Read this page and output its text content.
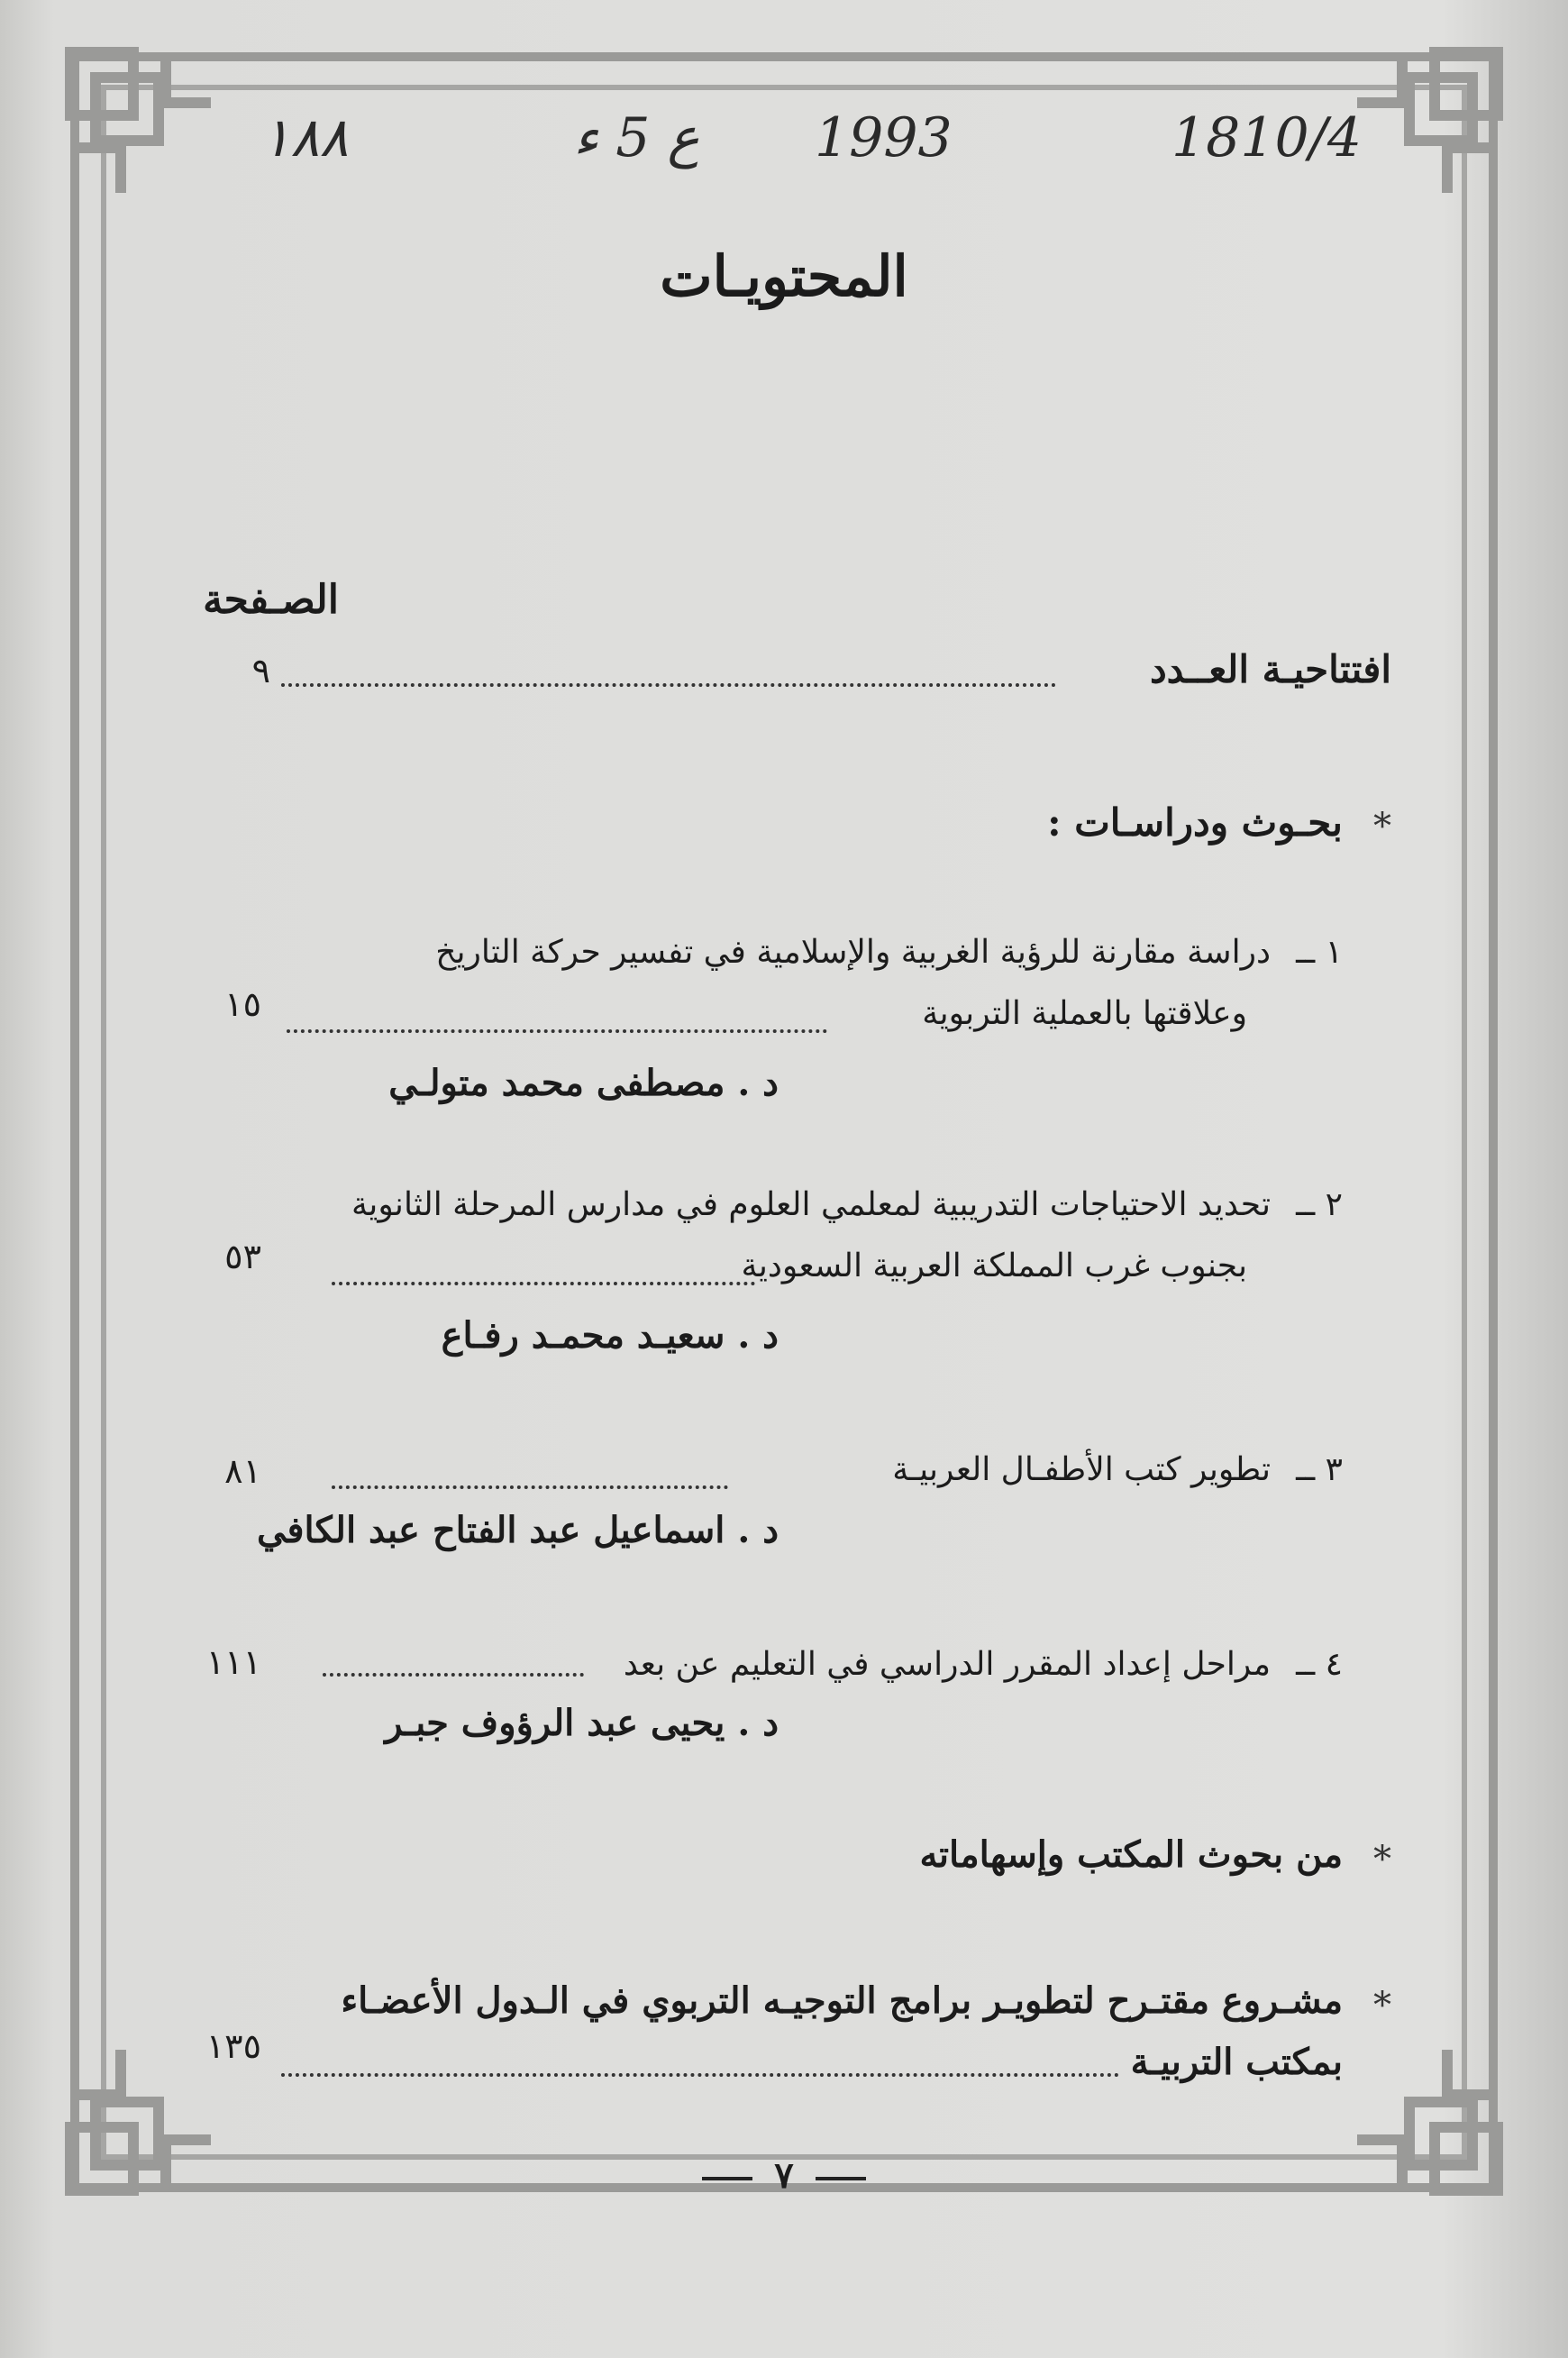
1810/4
1993
ع 5 ء
١٨٨
المحتويـات
الصـفحة
افتتاحيـة العــدد
٩
*
بحـوث ودراسـات :
١ ــ
دراسة مقارنة للرؤية الغربية والإسلامية في تفسير حركة التاريخ
وعلاقتها بالعملية التربوية
١٥
د . مصطفى محمد متولـي
٢ ــ
تحديد الاحتياجات التدريبية لمعلمي العلوم في مدارس المرحلة الثانوية
بجنوب غرب المملكة العربية السعودية
٥٣
د . سعيـد محمـد رفـاع
٣ ــ
تطوير كتب الأطفـال العربيـة
٨١
د . اسماعيل عبد الفتاح عبد الكافي
٤ ــ
مراحل إعداد المقرر الدراسي في التعليم عن بعد
١١١
د . يحيى عبد الرؤوف جبـر
*
من بحوث المكتب وإسهاماته
*
مشـروع مقتـرح لتطويـر برامج التوجيـه التربوي في الـدول الأعضـاء
بمكتب التربيـة
١٣٥
٧
